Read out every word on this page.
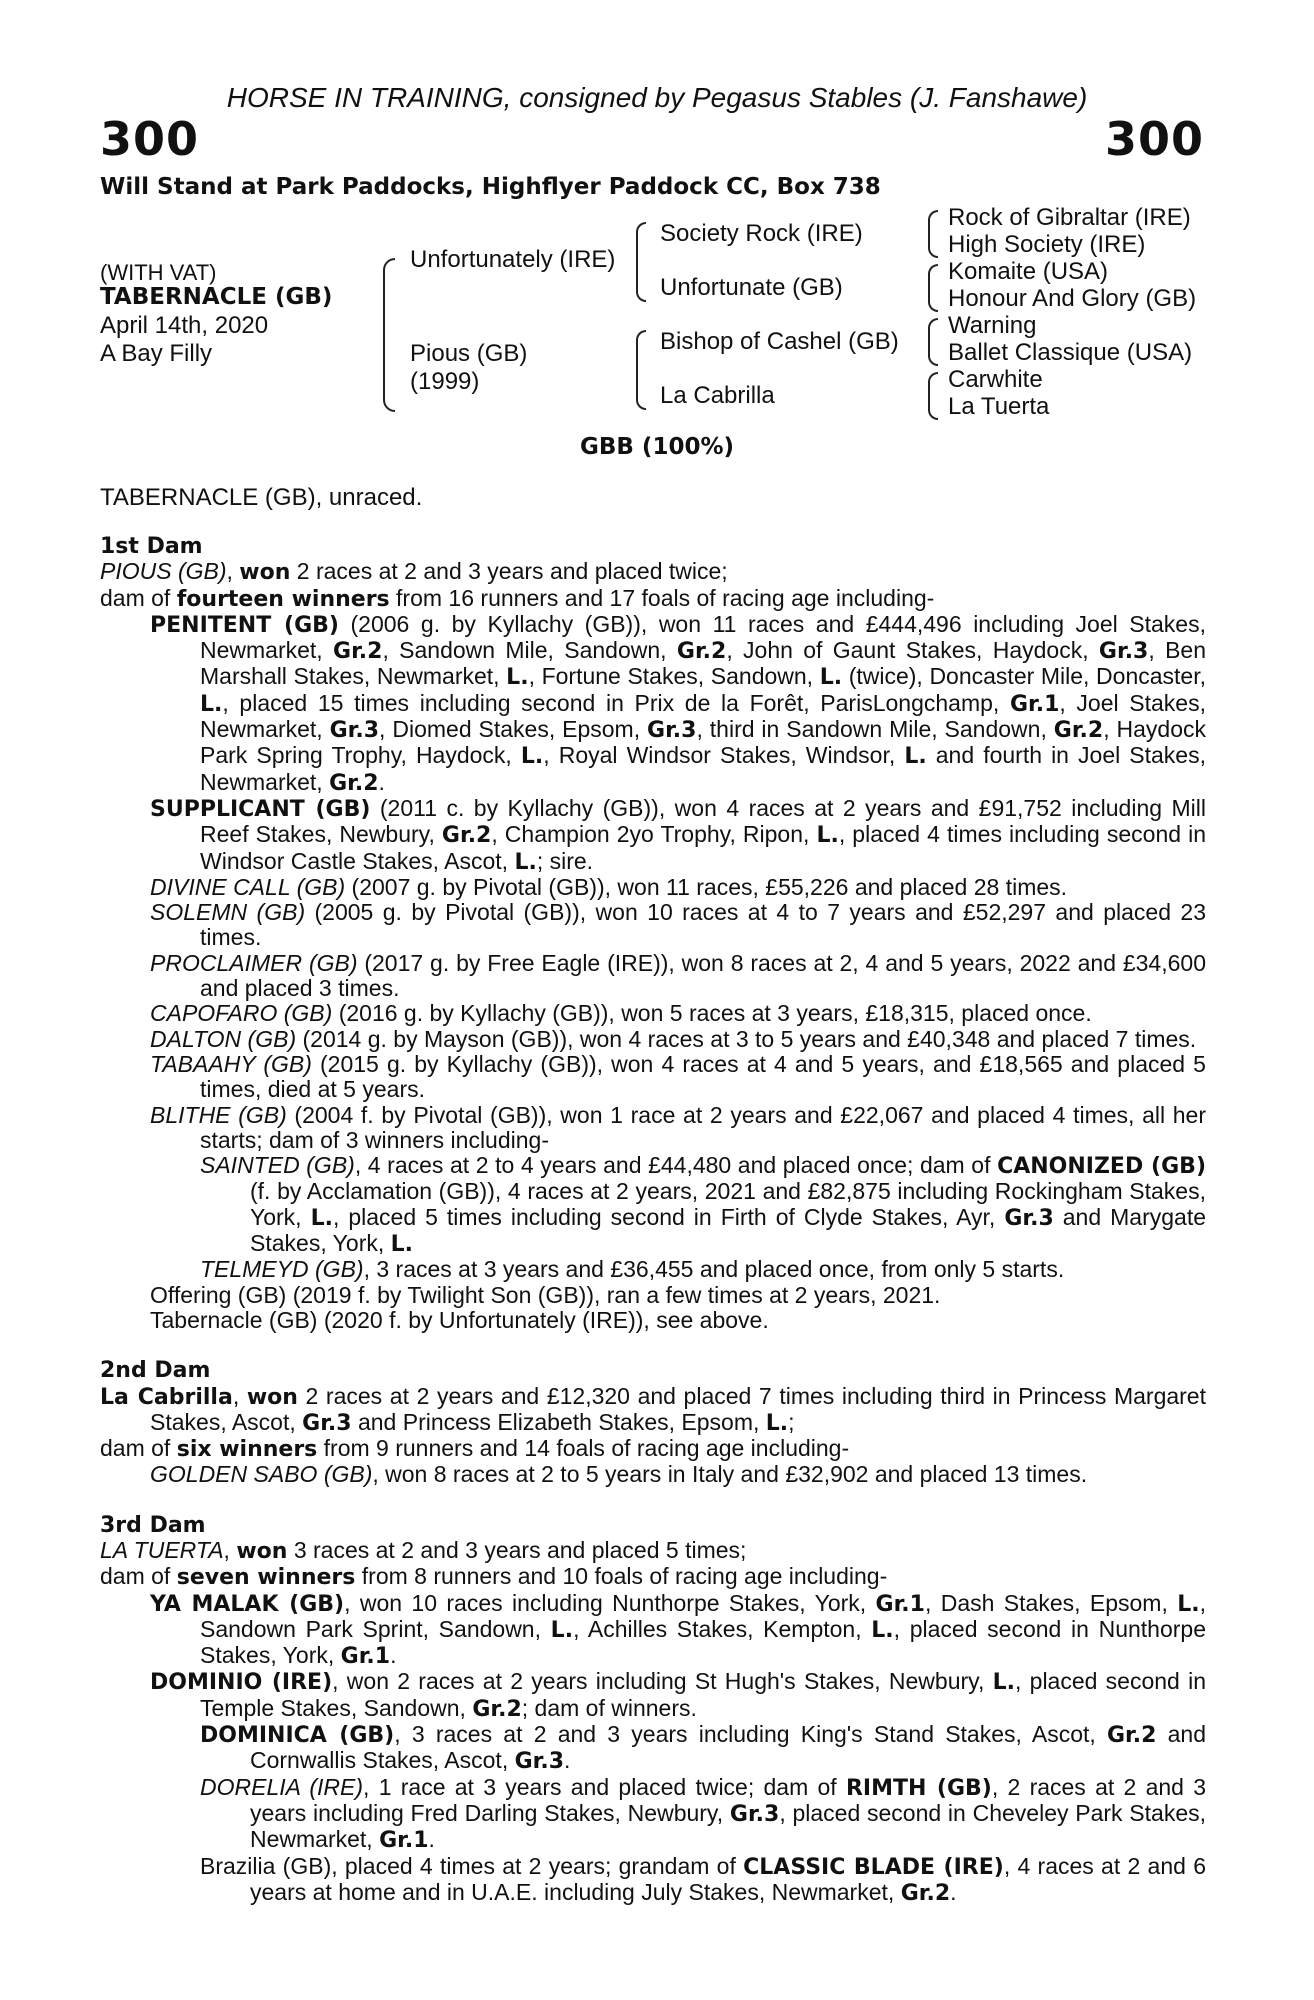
HORSE IN TRAINING, consigned by Pegasus Stables (J. Fanshawe)
300	300
Will Stand at Park Paddocks, Highflyer Paddock CC, Box 738
(WITH VAT)
TABERNACLE (GB)
April 14th, 2020
A Bay Filly
Unfortunately (IRE)
Pious (GB)
(1999)
Society Rock (IRE)
Unfortunate (GB)
Bishop of Cashel (GB)
La Cabrilla
Rock of Gibraltar (IRE)
High Society (IRE)
Komaite (USA)
Honour And Glory (GB)
Warning
Ballet Classique (USA)
Carwhite
La Tuerta
GBB (100%)
TABERNACLE (GB), unraced.
1st Dam
PIOUS (GB), won 2 races at 2 and 3 years and placed twice;
dam of fourteen winners from 16 runners and 17 foals of racing age including-
PENITENT (GB) (2006 g. by Kyllachy (GB)), won 11 races and £444,496 including Joel Stakes, Newmarket, Gr.2, Sandown Mile, Sandown, Gr.2, John of Gaunt Stakes, Haydock, Gr.3, Ben Marshall Stakes, Newmarket, L., Fortune Stakes, Sandown, L. (twice), Doncaster Mile, Doncaster, L., placed 15 times including second in Prix de la Forêt, ParisLongchamp, Gr.1, Joel Stakes, Newmarket, Gr.3, Diomed Stakes, Epsom, Gr.3, third in Sandown Mile, Sandown, Gr.2, Haydock Park Spring Trophy, Haydock, L., Royal Windsor Stakes, Windsor, L. and fourth in Joel Stakes, Newmarket, Gr.2.
SUPPLICANT (GB) (2011 c. by Kyllachy (GB)), won 4 races at 2 years and £91,752 including Mill Reef Stakes, Newbury, Gr.2, Champion 2yo Trophy, Ripon, L., placed 4 times including second in Windsor Castle Stakes, Ascot, L.; sire.
DIVINE CALL (GB) (2007 g. by Pivotal (GB)), won 11 races, £55,226 and placed 28 times.
SOLEMN (GB) (2005 g. by Pivotal (GB)), won 10 races at 4 to 7 years and £52,297 and placed 23 times.
PROCLAIMER (GB) (2017 g. by Free Eagle (IRE)), won 8 races at 2, 4 and 5 years, 2022 and £34,600 and placed 3 times.
CAPOFARO (GB) (2016 g. by Kyllachy (GB)), won 5 races at 3 years, £18,315, placed once.
DALTON (GB) (2014 g. by Mayson (GB)), won 4 races at 3 to 5 years and £40,348 and placed 7 times.
TABAAHY (GB) (2015 g. by Kyllachy (GB)), won 4 races at 4 and 5 years, and £18,565 and placed 5 times, died at 5 years.
BLITHE (GB) (2004 f. by Pivotal (GB)), won 1 race at 2 years and £22,067 and placed 4 times, all her starts; dam of 3 winners including-
SAINTED (GB), 4 races at 2 to 4 years and £44,480 and placed once; dam of CANONIZED (GB) (f. by Acclamation (GB)), 4 races at 2 years, 2021 and £82,875 including Rockingham Stakes, York, L., placed 5 times including second in Firth of Clyde Stakes, Ayr, Gr.3 and Marygate Stakes, York, L.
TELMEYD (GB), 3 races at 3 years and £36,455 and placed once, from only 5 starts.
Offering (GB) (2019 f. by Twilight Son (GB)), ran a few times at 2 years, 2021.
Tabernacle (GB) (2020 f. by Unfortunately (IRE)), see above.
2nd Dam
La Cabrilla, won 2 races at 2 years and £12,320 and placed 7 times including third in Princess Margaret Stakes, Ascot, Gr.3 and Princess Elizabeth Stakes, Epsom, L.;
dam of six winners from 9 runners and 14 foals of racing age including-
GOLDEN SABO (GB), won 8 races at 2 to 5 years in Italy and £32,902 and placed 13 times.
3rd Dam
LA TUERTA, won 3 races at 2 and 3 years and placed 5 times;
dam of seven winners from 8 runners and 10 foals of racing age including-
YA MALAK (GB), won 10 races including Nunthorpe Stakes, York, Gr.1, Dash Stakes, Epsom, L., Sandown Park Sprint, Sandown, L., Achilles Stakes, Kempton, L., placed second in Nunthorpe Stakes, York, Gr.1.
DOMINIO (IRE), won 2 races at 2 years including St Hugh's Stakes, Newbury, L., placed second in Temple Stakes, Sandown, Gr.2; dam of winners.
DOMINICA (GB), 3 races at 2 and 3 years including King's Stand Stakes, Ascot, Gr.2 and Cornwallis Stakes, Ascot, Gr.3.
DORELIA (IRE), 1 race at 3 years and placed twice; dam of RIMTH (GB), 2 races at 2 and 3 years including Fred Darling Stakes, Newbury, Gr.3, placed second in Cheveley Park Stakes, Newmarket, Gr.1.
Brazilia (GB), placed 4 times at 2 years; grandam of CLASSIC BLADE (IRE), 4 races at 2 and 6 years at home and in U.A.E. including July Stakes, Newmarket, Gr.2.
